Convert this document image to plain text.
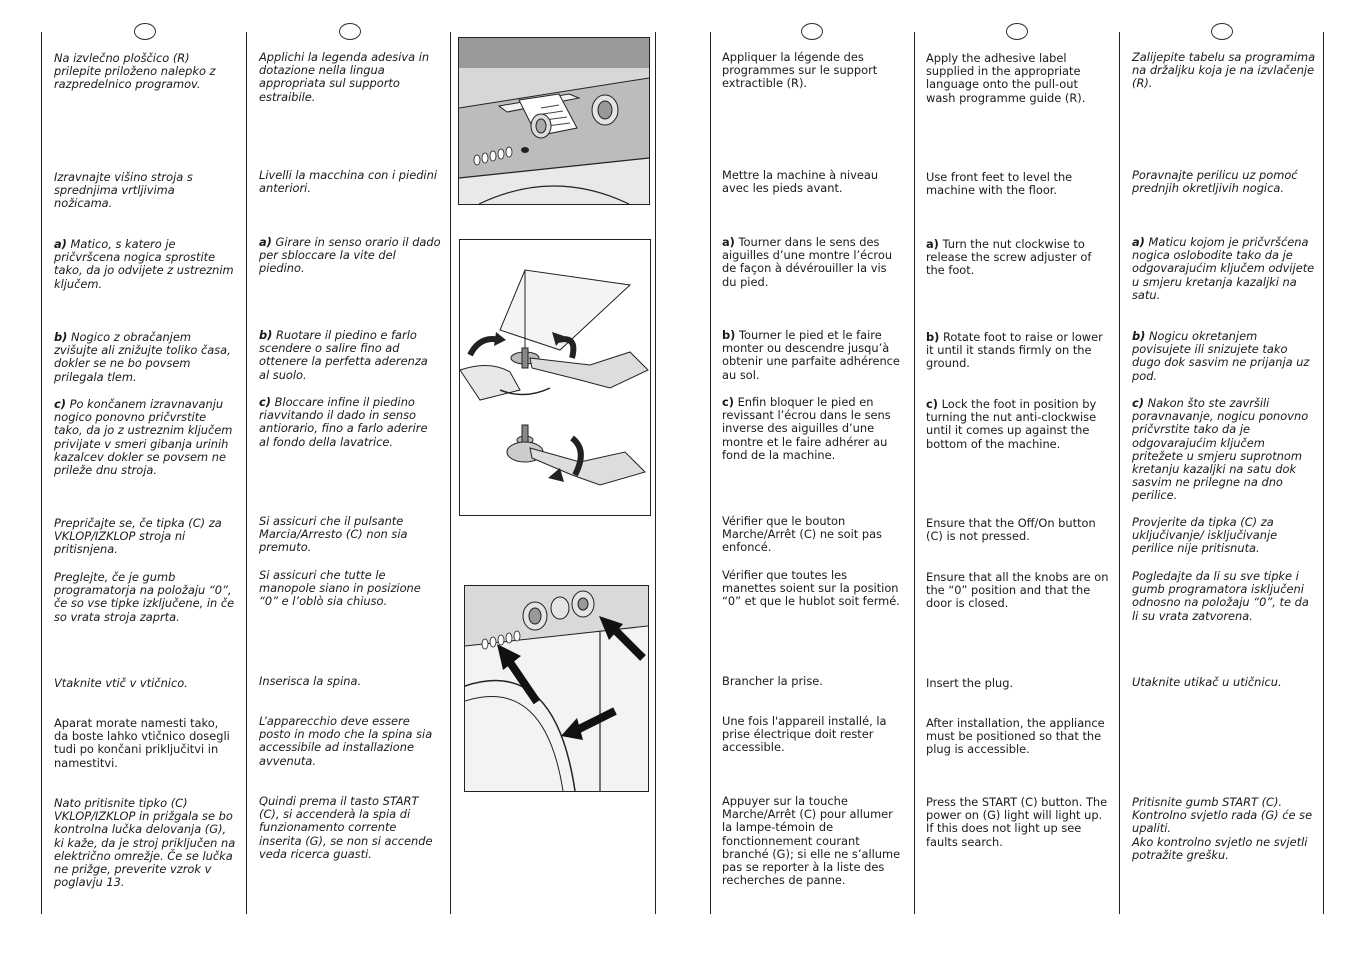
Na izvlečno ploščico (R) prilepite priloženo nalepko z razpredelnico programov.

Izravnajte višino stroja s sprednjima vrtljivima nožicama.

a) Matico, s katero je pričvršcena nogica sprostite tako, da jo odvijete z ustreznim ključem.

b) Nogico z obračanjem zvišujte ali znižujte toliko časa, dokler se ne bo povsem prilegala tlem.

c) Po končanem izravnavanju nogico ponovno pričvrstite tako, da jo z ustreznim ključem privijate v smeri gibanja urinih kazalcev dokler se povsem ne prileže dnu stroja.

Prepričajte se, če tipka (C) za VKLOP/IZKLOP stroja ni pritisnjena.

Preglejte, če je gumb programatorja na položaju “0”, če so vse tipke izključene, in če so vrata stroja zaprta.

Vtaknite vtič v vtičnico.

Aparat morate namesti tako, da boste lahko vtičnico dosegli tudi po končani priključitvi in namestitvi.

Nato pritisnite tipko (C) VKLOP/IZKLOP in prižgala se bo kontrolna lučka delovanja (G), ki kaže, da je stroj priključen na električno omrežje. Če se lučka ne prižge, preverite vzrok v poglavju 13.

Applichi la legenda adesiva in dotazione nella lingua appropriata sul supporto estraibile.

Livelli la macchina con i piedini anteriori.

a) Girare in senso orario il dado per sbloccare la vite del piedino.

b) Ruotare il piedino e farlo scendere o salire fino ad ottenere la perfetta aderenza al suolo.

c) Bloccare infine il piedino riavvitando il dado in senso antiorario, fino a farlo aderire al fondo della lavatrice.

Si assicuri che il pulsante Marcia/Arresto (C) non sia premuto.

Si assicuri che tutte le manopole siano in posizione “0” e l’oblò sia chiuso.

Inserisca la spina.

L’apparecchio deve essere posto in modo che la spina sia accessibile ad installazione avvenuta.

Quindi prema il tasto START (C), si accenderà la spia di funzionamento corrente inserita (G), se non si accende veda ricerca guasti.

Appliquer la légende des programmes sur le support extractible (R).

Mettre la machine à niveau avec les pieds avant.

a) Tourner dans le sens des aiguilles d’une montre l’écrou de façon à dévérouiller la vis du pied.

b) Tourner le pied et le faire monter ou descendre jusqu’à obtenir une parfaite adhérence au sol.

c) Enfin bloquer le pied en revissant l’écrou dans le sens inverse des aiguilles d’une montre et le faire adhérer au fond de la machine.

Vérifier que le bouton Marche/Arrêt (C) ne soit pas enfoncé.

Vérifier que toutes les manettes soient sur la position “0” et que le hublot soit fermé.

Brancher la prise.

Une fois l'appareil installé, la prise électrique doit rester accessible.

Appuyer sur la touche Marche/Arrêt (C) pour allumer la lampe-témoin de fonctionnement courant branché (G); si elle ne s’allume pas se reporter à la liste des recherches de panne.

Apply the adhesive label supplied in the appropriate language onto the pull-out wash programme guide (R).

Use front feet to level the machine with the floor.

a) Turn the nut clockwise to release the screw adjuster of the foot.

b) Rotate foot to raise or lower it until it stands firmly on the ground.

c) Lock the foot in position by turning the nut anti-clockwise until it comes up against the bottom of the machine.

Ensure that the Off/On button (C) is not pressed.

Ensure that all the knobs are on the “0” position and that the door is closed.

Insert the plug.

After installation, the appliance must be positioned so that the plug is accessible.

Press the START (C) button. The power on (G) light will light up.
If this does not light up see faults search.

Zalijepite tabelu sa programima na držaljku koja je na izvlačenje (R).

Poravnajte perilicu uz pomoć prednjih okretljivih nogica.

a) Maticu kojom je pričvršćena nogica oslobodite tako da je odgovarajućim ključem odvijete u smjeru kretanja kazaljki na satu.

b) Nogicu okretanjem povisujete ili snizujete tako dugo dok sasvim ne prijanja uz pod.

c) Nakon što ste završili poravnavanje, nogicu ponovno pričvrstite tako da je odgovarajućim ključem pritežete u smjeru suprotnom kretanju kazaljki na satu dok sasvim ne prilegne na dno perilice.

Provjerite da tipka (C) za uključivanje/ isključivanje perilice nije pritisnuta.

Pogledajte da li su sve tipke i gumb programatora isključeni odnosno na položaju “0”, te da li su vrata zatvorena.

Utaknite utikač u utičnicu.

Pritisnite gumb START (C).
Kontrolno svjetlo rada (G) će se upaliti.
Ako kontrolno svjetlo ne svjetli potražite grešku.
